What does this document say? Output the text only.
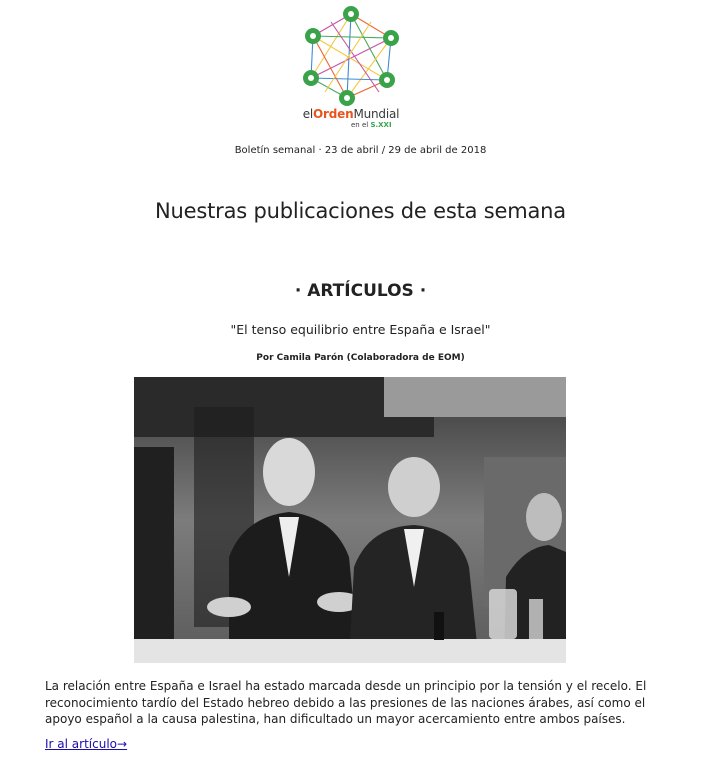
elOrdenMundial
en el S.XXI
Boletín semanal · 23 de abril / 29 de abril de 2018
Nuestras publicaciones de esta semana
· ARTÍCULOS ·
"El tenso equilibrio entre España e Israel"
Por Camila Parón (Colaboradora de EOM)
La relación entre España e Israel ha estado marcada desde un principio por la tensión y el recelo. El reconocimiento tardío del Estado hebreo debido a las presiones de las naciones árabes, así como el apoyo español a la causa palestina, han dificultado un mayor acercamiento entre ambos países.
Ir al artículo→
